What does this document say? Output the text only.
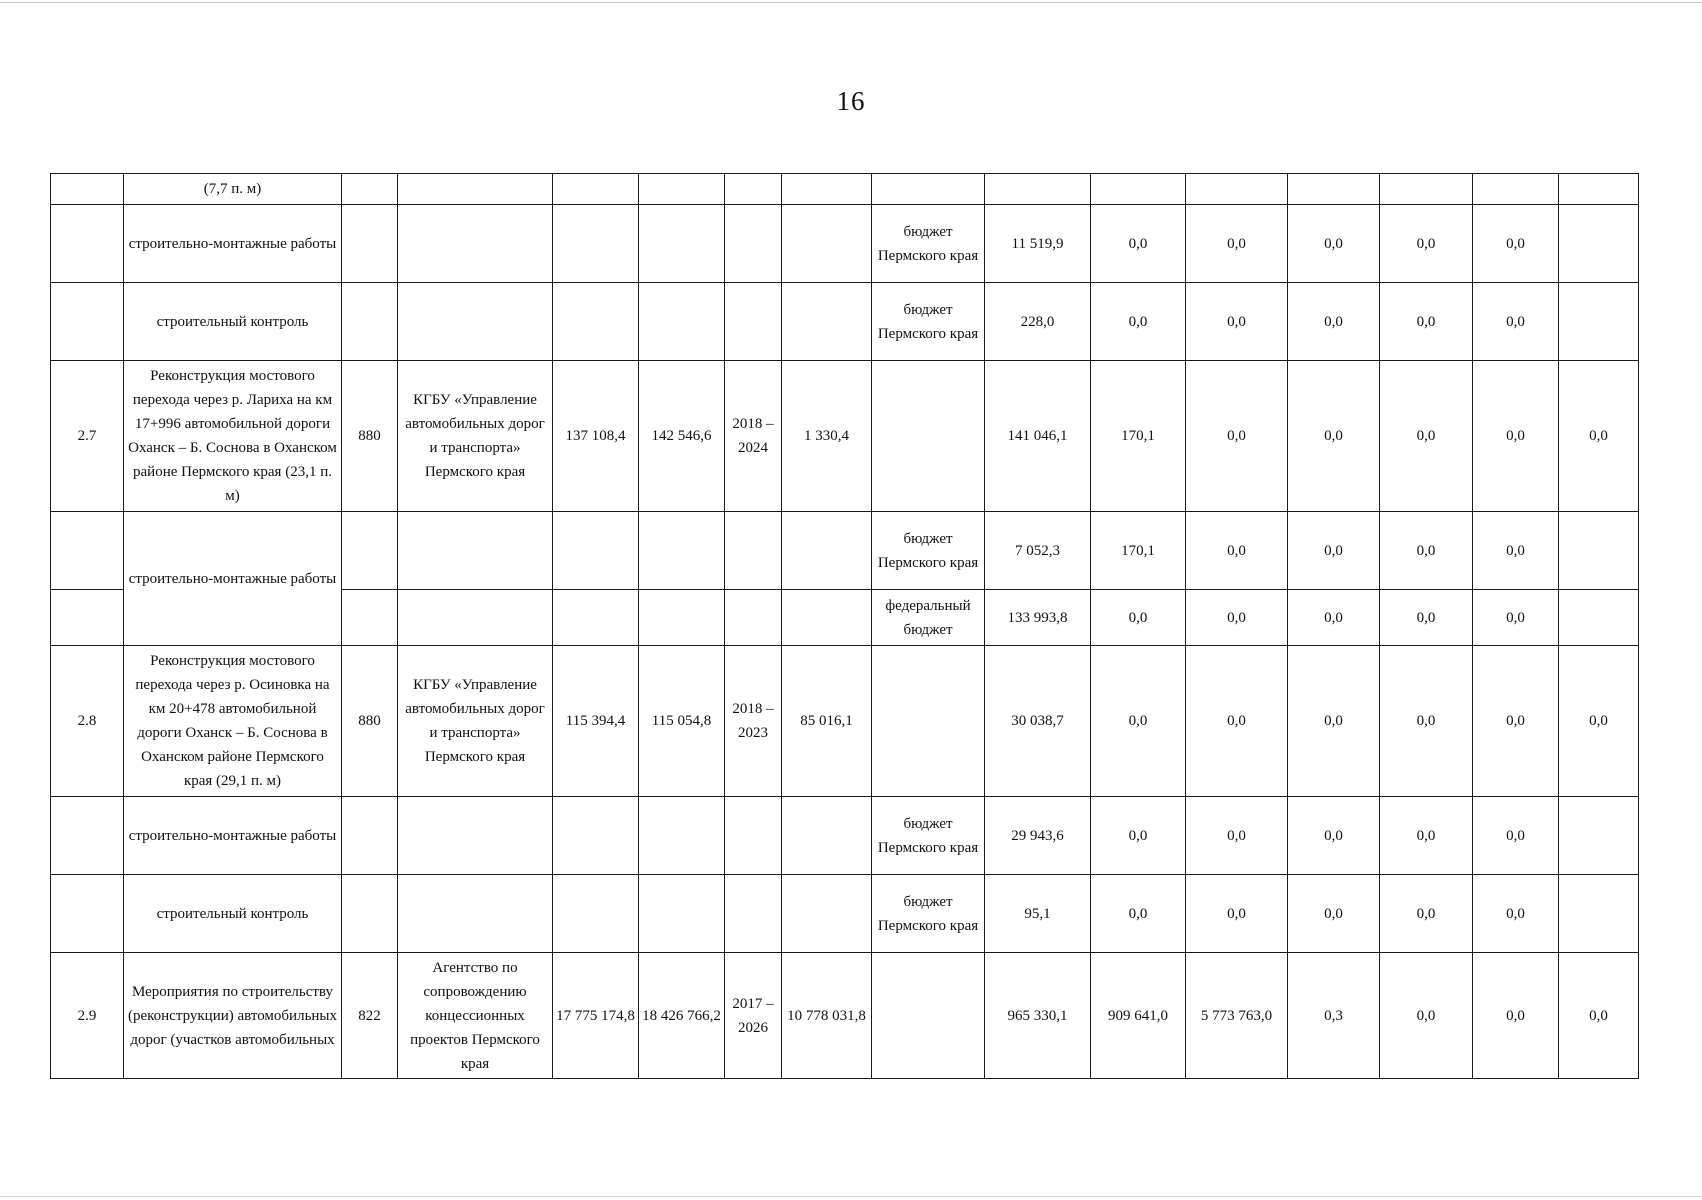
16
	(7,7 п. м)														
	строительно-монтажные работы							бюджет Пермского края	11 519,9	0,0	0,0	0,0	0,0	0,0	
	строительный контроль							бюджет Пермского края	228,0	0,0	0,0	0,0	0,0	0,0	
2.7	Реконструкция мостового перехода через р. Лариха на км 17+996 автомобильной дороги Оханск – Б. Соснова в Оханском районе Пермского края (23,1 п. м)	880	КГБУ «Управление автомобильных дорог и транспорта» Пермского края	137 108,4	142 546,6	2018 – 2024	1 330,4		141 046,1	170,1	0,0	0,0	0,0	0,0	0,0
	строительно-монтажные работы							бюджет Пермского края	7 052,3	170,1	0,0	0,0	0,0	0,0	
								федеральный бюджет	133 993,8	0,0	0,0	0,0	0,0	0,0	
2.8	Реконструкция мостового перехода через р. Осиновка на км 20+478 автомобильной дороги Оханск – Б. Соснова в Оханском районе Пермского края (29,1 п. м)	880	КГБУ «Управление автомобильных дорог и транспорта» Пермского края	115 394,4	115 054,8	2018 – 2023	85 016,1		30 038,7	0,0	0,0	0,0	0,0	0,0	0,0
	строительно-монтажные работы							бюджет Пермского края	29 943,6	0,0	0,0	0,0	0,0	0,0	
	строительный контроль							бюджет Пермского края	95,1	0,0	0,0	0,0	0,0	0,0	
2.9	Мероприятия по строительству (реконструкции) автомобильных дорог (участков автомобильных	822	Агентство по сопровождению концессионных проектов Пермского края	17 775 174,8	18 426 766,2	2017 – 2026	10 778 031,8		965 330,1	909 641,0	5 773 763,0	0,3	0,0	0,0	0,0
